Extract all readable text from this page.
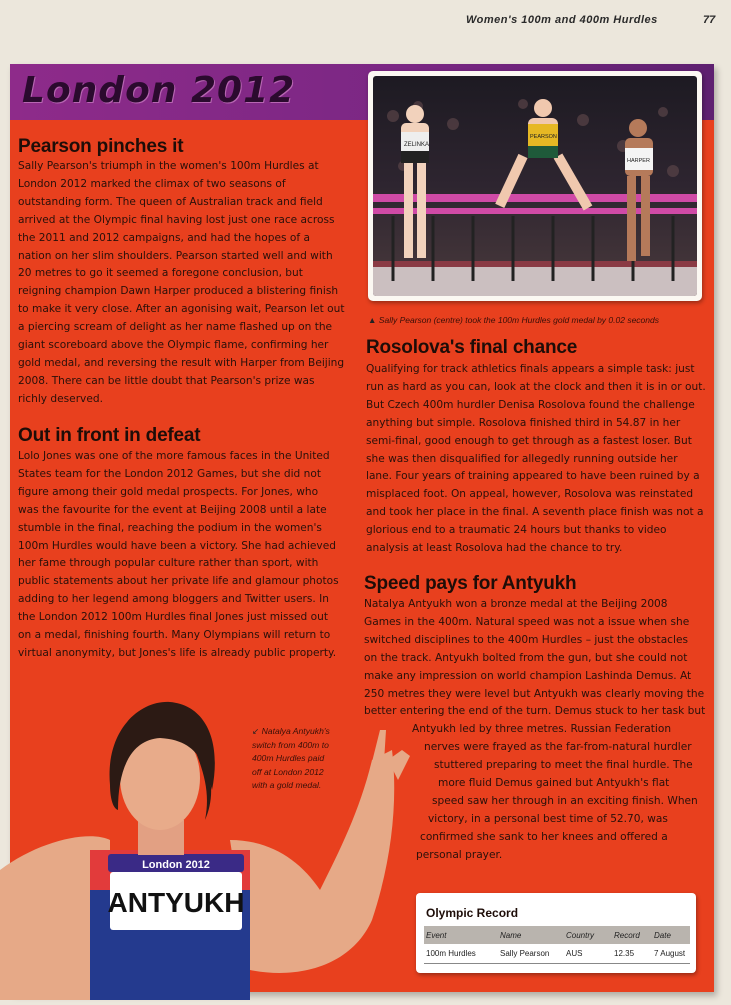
Women's 100m and 400m Hurdles	77
London 2012
ZELINKA
PEARSON
HARPER
▲ Sally Pearson (centre) took the 100m Hurdles gold medal by 0.02 seconds
Pearson pinches it
Sally Pearson's triumph in the women's 100m Hurdles at
London 2012 marked the climax of two seasons of
outstanding form. The queen of Australian track and field
arrived at the Olympic final having lost just one race across
the 2011 and 2012 campaigns, and had the hopes of a
nation on her slim shoulders. Pearson started well and with
20 metres to go it seemed a foregone conclusion, but
reigning champion Dawn Harper produced a blistering finish
to make it very close. After an agonising wait, Pearson let out
a piercing scream of delight as her name flashed up on the
giant scoreboard above the Olympic flame, confirming her
gold medal, and reversing the result with Harper from Beijing
2008. There can be little doubt that Pearson's prize was
richly deserved.
Out in front in defeat
Lolo Jones was one of the more famous faces in the United
States team for the London 2012 Games, but she did not
figure among their gold medal prospects. For Jones, who
was the favourite for the event at Beijing 2008 until a late
stumble in the final, reaching the podium in the women's
100m Hurdles would have been a victory. She had achieved
her fame through popular culture rather than sport, with
public statements about her private life and glamour photos
adding to her legend among bloggers and Twitter users. In
the London 2012 100m Hurdles final Jones just missed out
on a medal, finishing fourth. Many Olympians will return to
virtual anonymity, but Jones's life is already public property.
Rosolova's final chance
Qualifying for track athletics finals appears a simple task: just
run as hard as you can, look at the clock and then it is in or out.
But Czech 400m hurdler Denisa Rosolova found the challenge
anything but simple. Rosolova finished third in 54.87 in her
semi-final, good enough to get through as a fastest loser. But
she was then disqualified for allegedly running outside her
lane. Four years of training appeared to have been ruined by a
misplaced foot. On appeal, however, Rosolova was reinstated
and took her place in the final. A seventh place finish was not a
glorious end to a traumatic 24 hours but thanks to video
analysis at least Rosolova had the chance to try.
Speed pays for Antyukh
Natalya Antyukh won a bronze medal at the Beijing 2008
Games in the 400m. Natural speed was not a issue when she
switched disciplines to the 400m Hurdles – just the obstacles
on the track. Antyukh bolted from the gun, but she could not
make any impression on world champion Lashinda Demus. At
250 metres they were level but Antyukh was clearly moving the
better entering the end of the turn. Demus stuck to her task but
Antyukh led by three metres. Russian Federation
nerves were frayed as the far-from-natural hurdler
stuttered preparing to meet the final hurdle. The
more fluid Demus gained but Antyukh's flat
speed saw her through in an exciting finish. When
victory, in a personal best time of 52.70, was
confirmed she sank to her knees and offered a
personal prayer.
↙ Natalya Antyukh's
switch from 400m to
400m Hurdles paid
off at London 2012
with a gold medal.
London 2012
ANTYUKH	Olympic Record
Event	Name	Country	Record	Date
100m Hurdles	Sally Pearson	AUS	12.35	7 August
